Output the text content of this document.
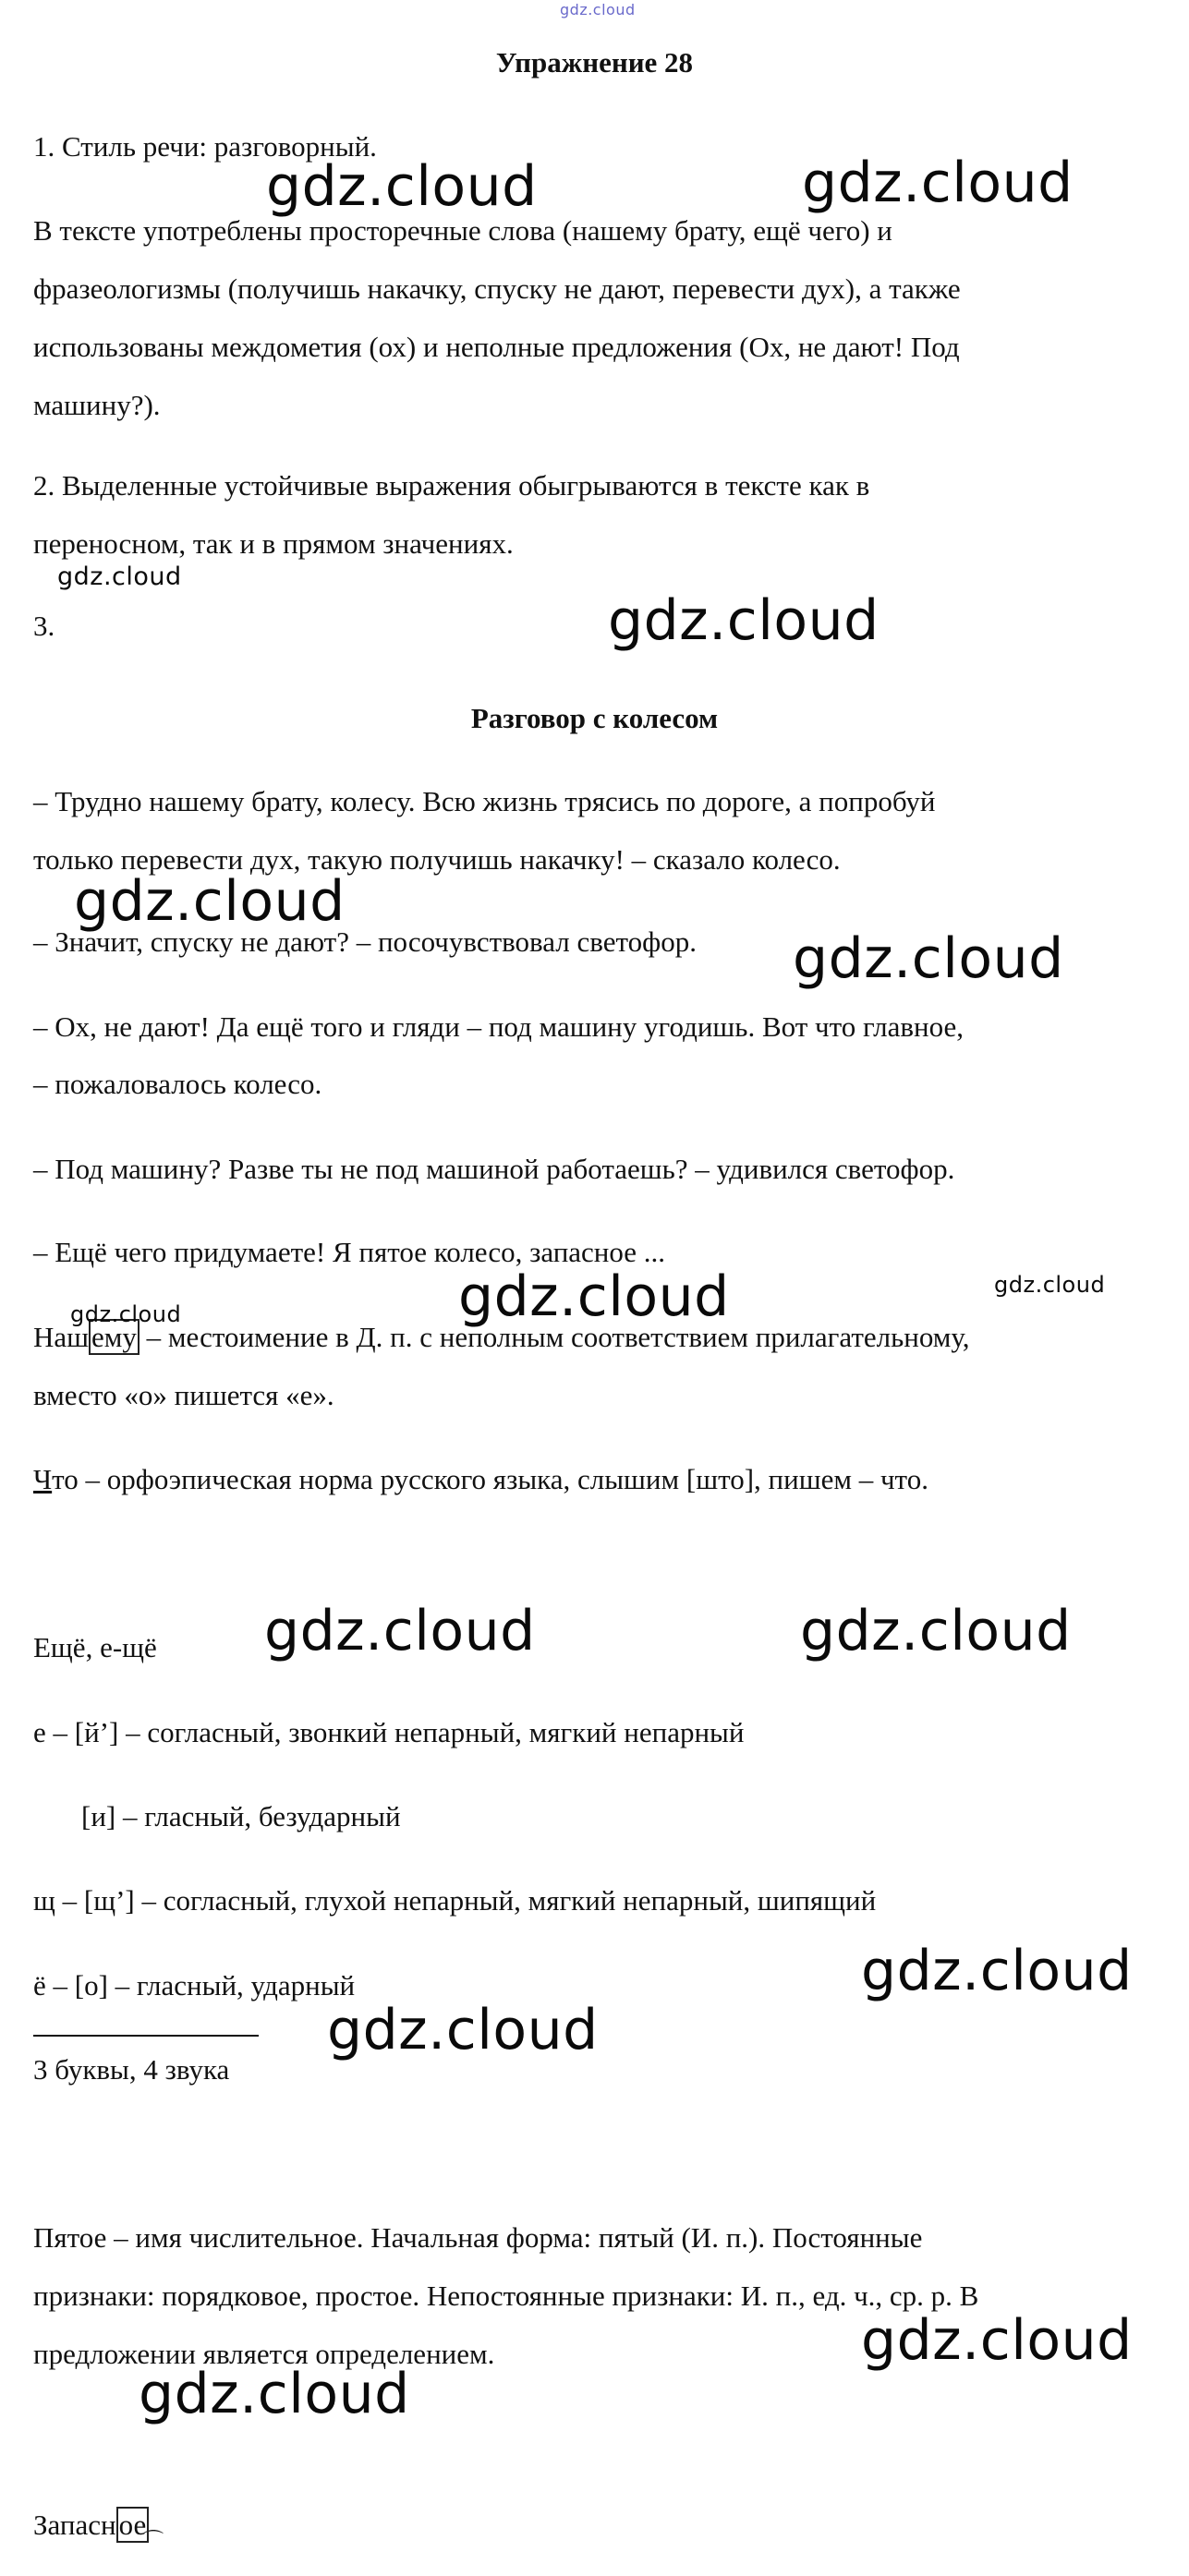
gdz.cloud
Упражнение 28
1. Стиль речи: разговорный.
В тексте употреблены просторечные слова (нашему брату, ещё чего) и
фразеологизмы (получишь накачку, спуску не дают, перевести дух), а также
использованы междометия (ох) и неполные предложения (Ох, не дают! Под
машину?).
2. Выделенные устойчивые выражения обыгрываются в тексте как в
переносном, так и в прямом значениях.
3.
Разговор с колесом
– Трудно нашему брату, колесу. Всю жизнь трясись по дороге, а попробуй
только перевести дух, такую получишь накачку! – сказало колесо.
– Значит, спуску не дают? – посочувствовал светофор.
– Ох, не дают! Да ещё того и гляди – под машину угодишь. Вот что главное,
– пожаловалось колесо.
– Под машину? Разве ты не под машиной работаешь? – удивился светофор.
– Ещё чего придумаете! Я пятое колесо, запасное ...
Нашему – местоимение в Д. п. с неполным соответствием прилагательному,
вместо «о» пишется «е».
Что – орфоэпическая норма русского языка, слышим [што], пишем – что.
Ещё, е-щё
е – [й’] – согласный, звонкий непарный, мягкий непарный
[и] – гласный, безударный
щ – [щ’] – согласный, глухой непарный, мягкий непарный, шипящий
ё – [о] – гласный, ударный
3 буквы, 4 звука
Пятое – имя числительное. Начальная форма: пятый (И. п.). Постоянные
признаки: порядковое, простое. Непостоянные признаки: И. п., ед. ч., ср. р. В
предложении является определением.
⌒
Запасное
gdz.cloud	gdz.cloud
gdz.cloud
gdz.cloud
gdz.cloud
gdz.cloud
gdz.cloud	gdz.cloud
gdz.cloud
gdz.cloud	gdz.cloud
gdz.cloud
gdz.cloud
gdz.cloud
gdz.cloud
